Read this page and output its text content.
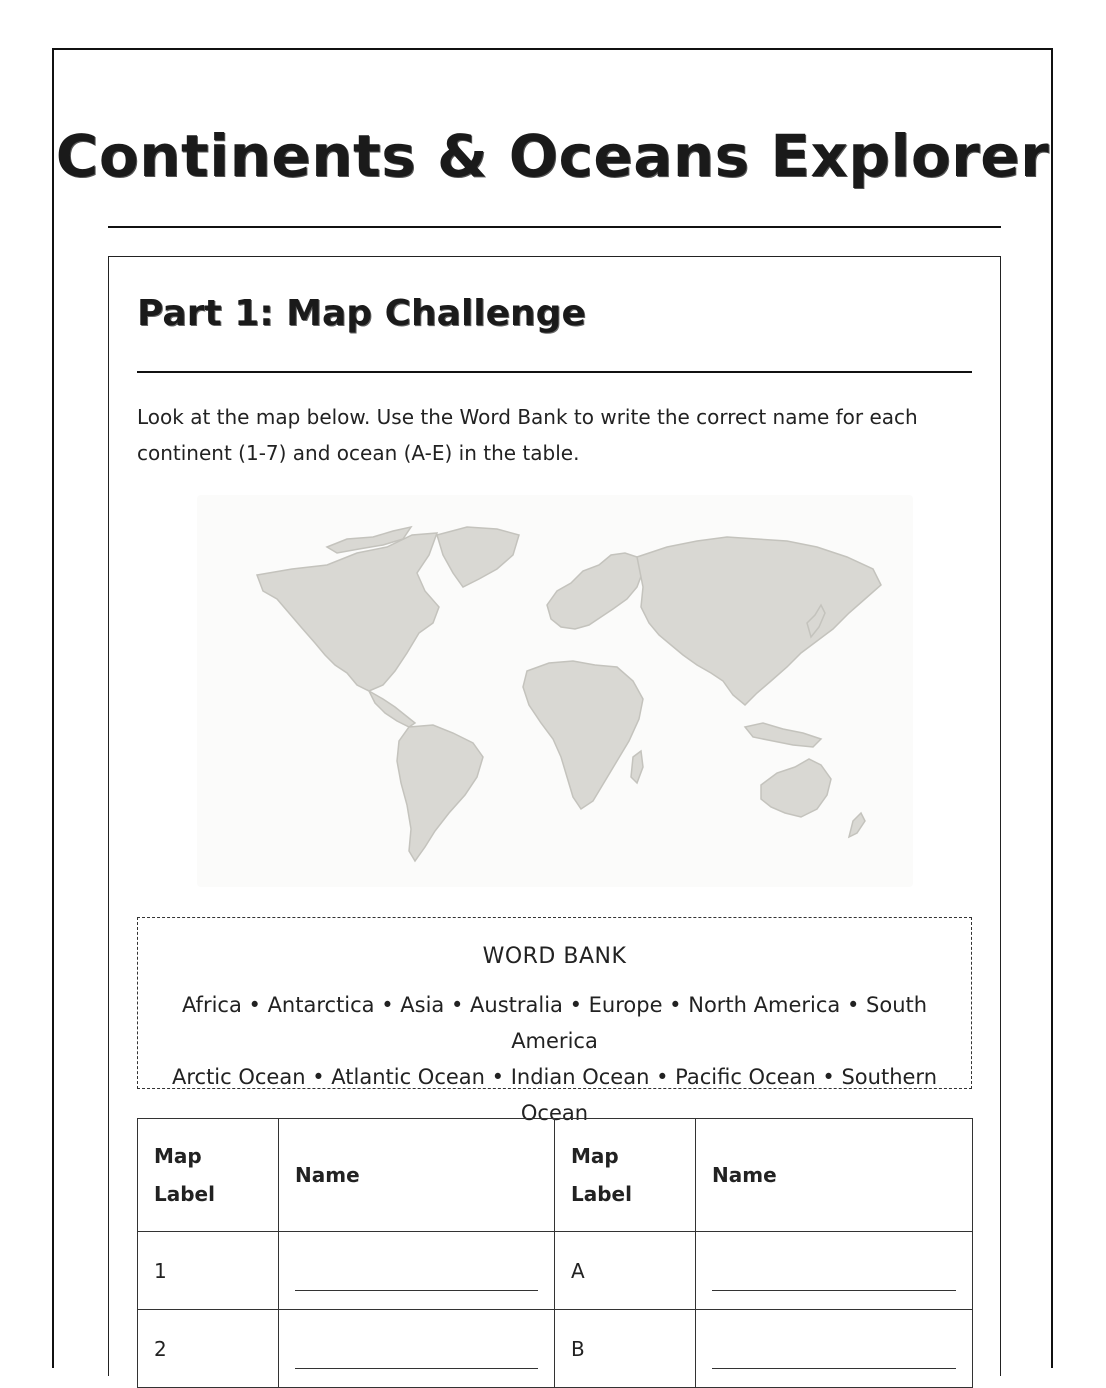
Continents & Oceans Explorer
Part 1: Map Challenge

Look at the map below. Use the Word Bank to write the correct name for each continent (1-7) and ocean (A-E) in the table.

WORD BANK

Africa • Antarctica • Asia • Australia • Europe • North America • South America

Arctic Ocean • Atlantic Ocean • Indian Ocean • Pacific Ocean • Southern Ocean

Map Label	Name	Map Label	Name
1		A	

2		B	
